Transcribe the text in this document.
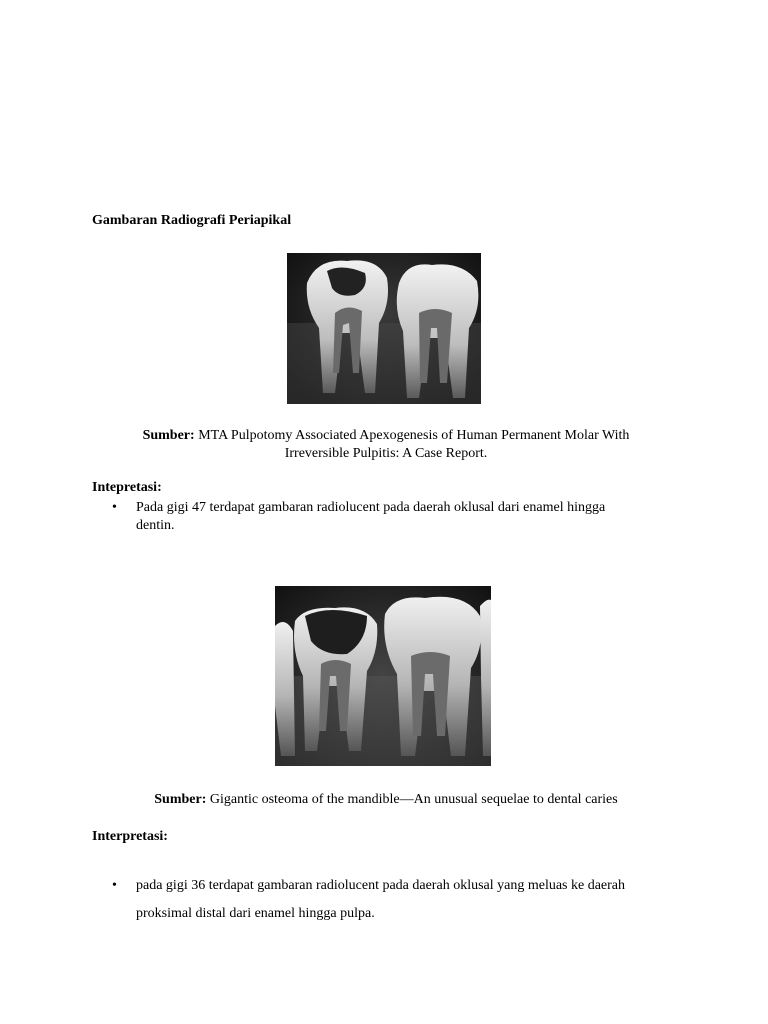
Gambaran Radiografi Periapikal
Sumber: MTA Pulpotomy Associated Apexogenesis of Human Permanent Molar With
Irreversible Pulpitis: A Case Report.
Intepretasi:
•	Pada gigi 47 terdapat gambaran radiolucent pada daerah oklusal dari enamel hingga
dentin.
Sumber: Gigantic osteoma of the mandible—An unusual sequelae to dental caries
Interpretasi:
•	pada gigi 36 terdapat gambaran radiolucent pada daerah oklusal yang meluas ke daerah
proksimal distal dari enamel hingga pulpa.
